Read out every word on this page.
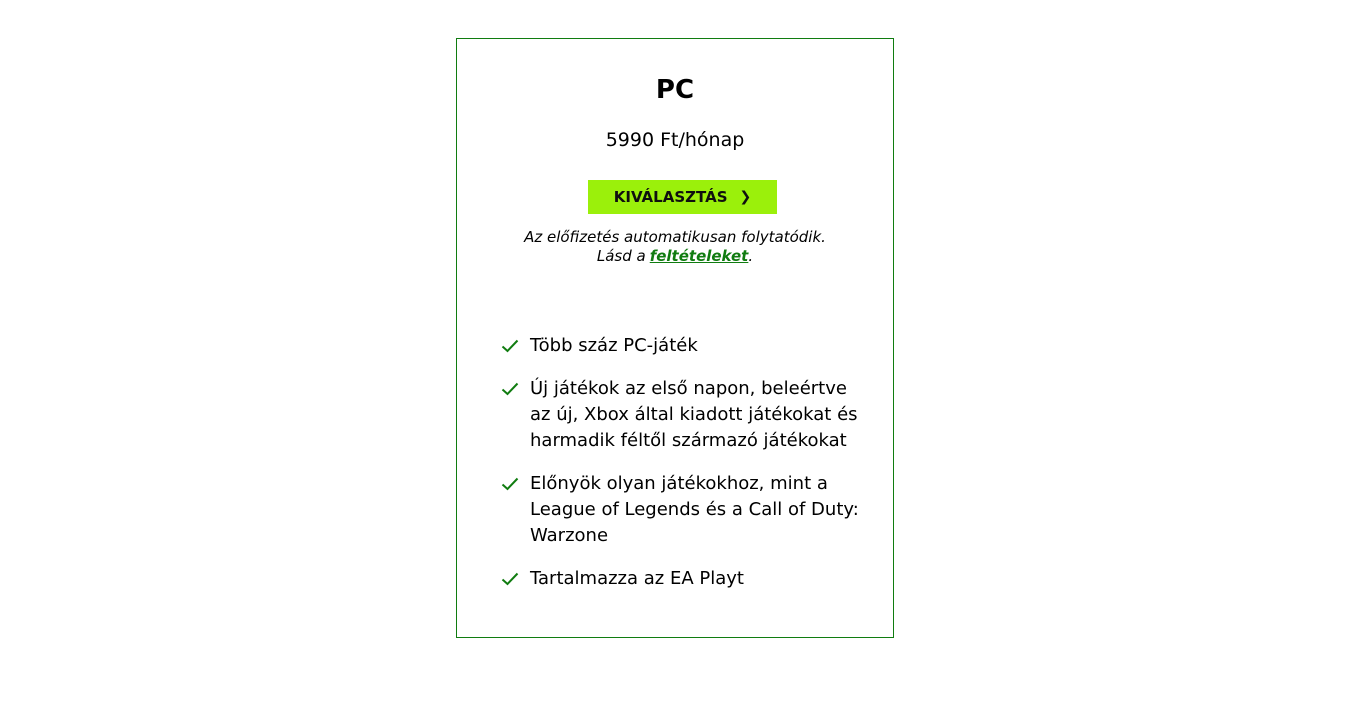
PC
5990 Ft/hónap
KIVÁLASZTÁS ❯
Az előfizetés automatikusan folytatódik.
Lásd a feltételeket.
Több száz PC-játék
Új játékok az első napon, beleértve az új, Xbox által kiadott játékokat és harmadik féltől származó játékokat
Előnyök olyan játékokhoz, mint a League of Legends és a Call of Duty: Warzone
Tartalmazza az EA Playt
